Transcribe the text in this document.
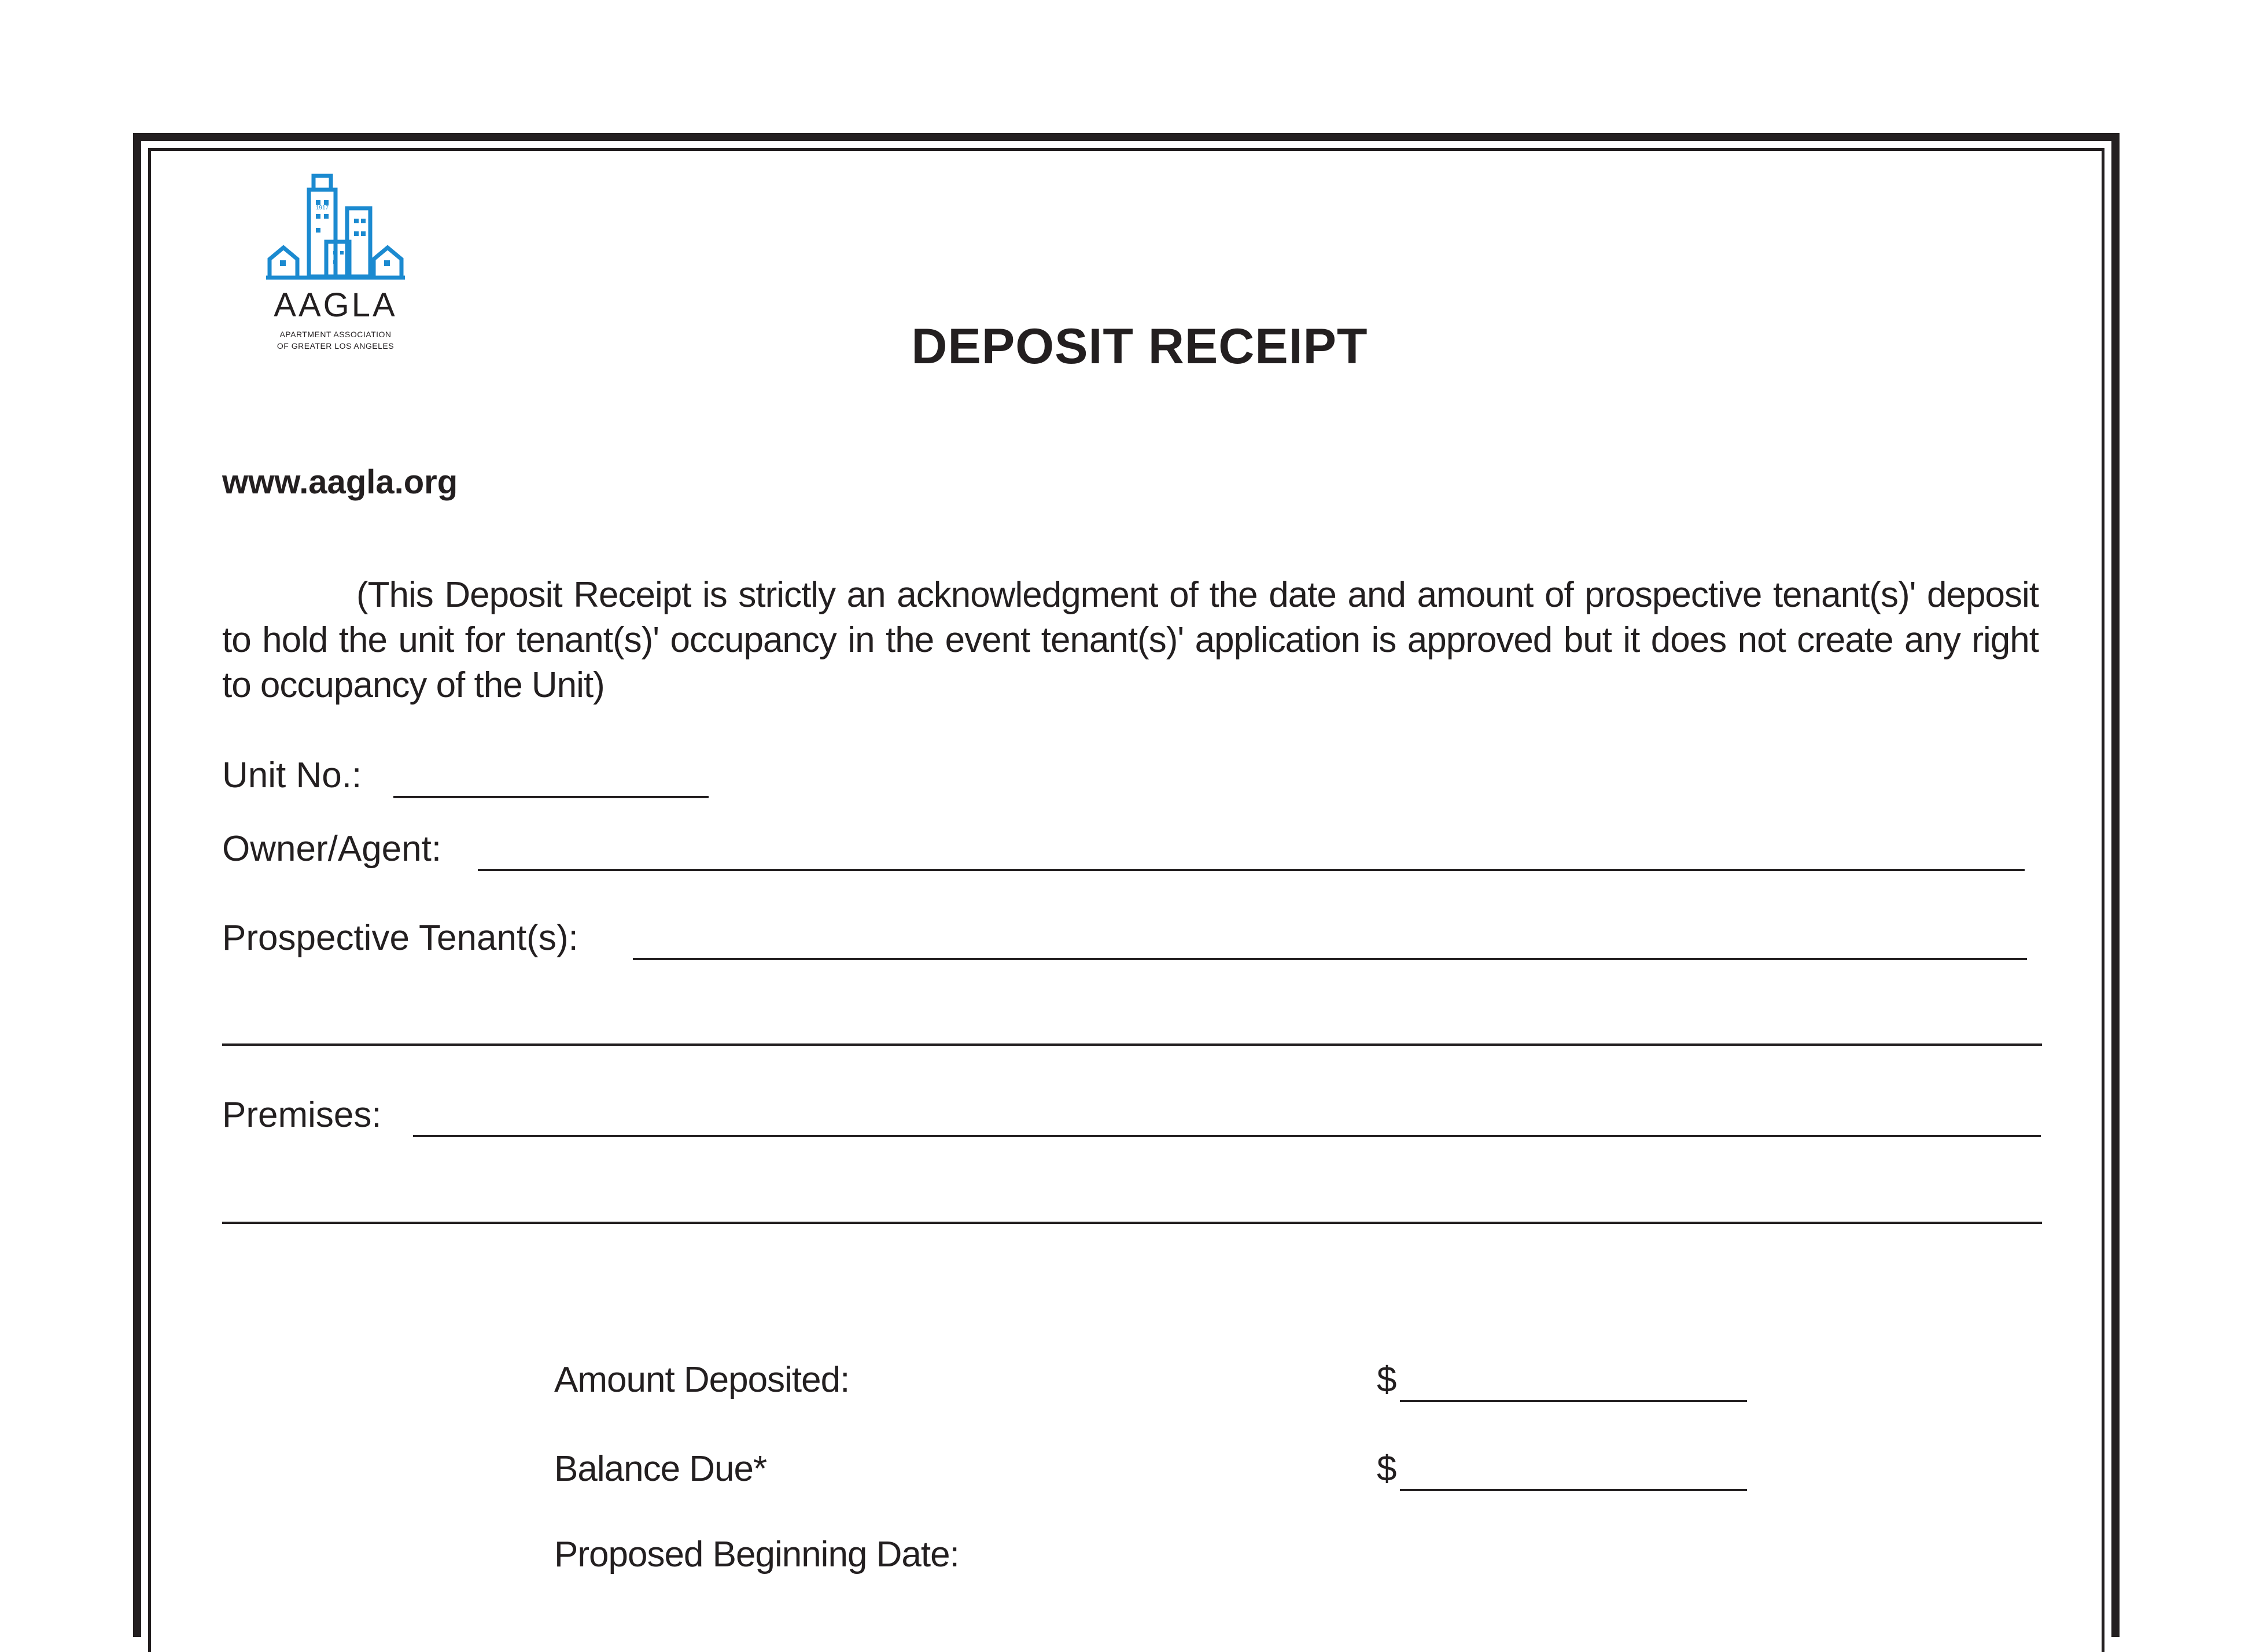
1917
AAGLA
APARTMENT ASSOCIATION
OF GREATER LOS ANGELES	DEPOSIT RECEIPT
www.aagla.org
(This Deposit Receipt is strictly an acknowledgment of the date and amount of prospective tenant(s)' deposit to hold the unit for tenant(s)' occupancy in the event tenant(s)' application is approved but it does not create any right to occupancy of the Unit)
Unit No.:
Owner/Agent:
Prospective Tenant(s):
Premises:
Amount Deposited:	$
Balance Due*	$
Proposed Beginning Date:
